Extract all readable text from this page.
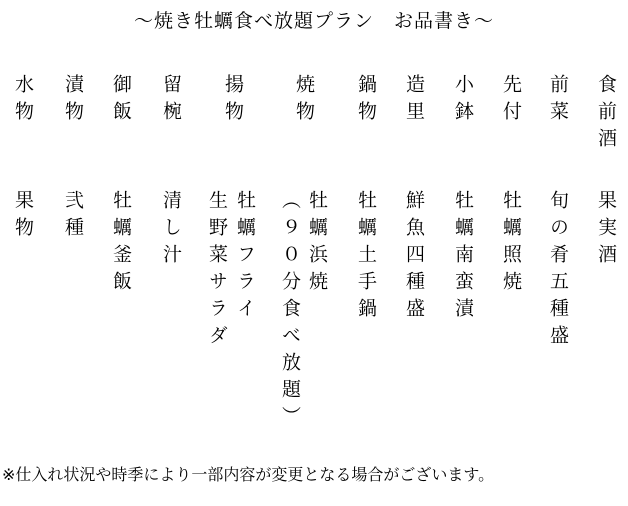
～焼き牡蠣食べ放題プラン　お品書き～
食前酒
果実酒
前菜
旬の肴五種盛
先付
牡蠣照焼
小鉢
牡蠣南蛮漬
造里
鮮魚四種盛
鍋物
牡蠣土手鍋
焼物
牡蠣浜焼
︵９０分食べ放題︶
揚物
牡蠣フライ
生野菜サラダ
留椀
清し汁
御飯
牡蠣釜飯
漬物
弐種
水物
果物
※仕入れ状況や時季により一部内容が変更となる場合がございます。
